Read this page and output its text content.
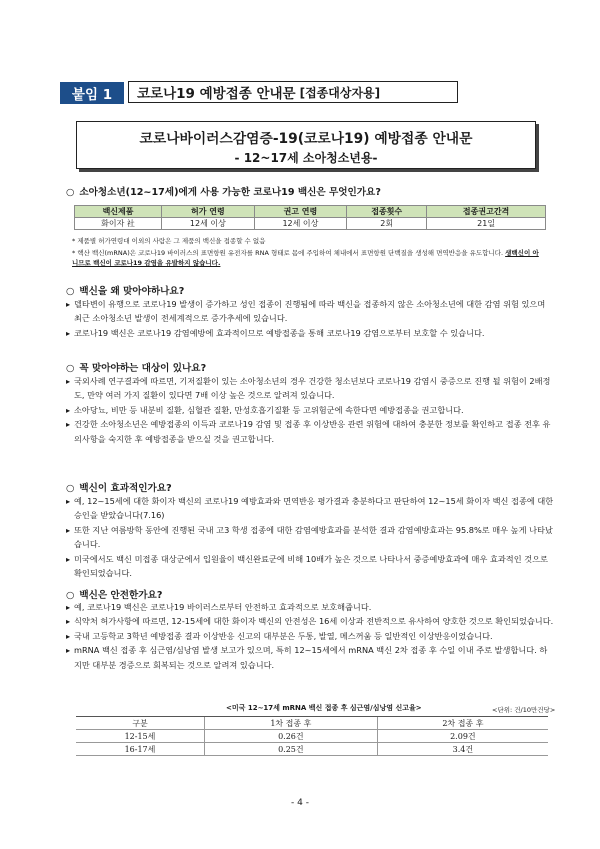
붙임 1	코로나19 예방접종 안내문 [접종대상자용]
코로나바이러스감염증-19(코로나19) 예방접종 안내문
- 12~17세 소아청소년용-
○ 소아청소년(12~17세)에게 사용 가능한 코로나19 백신은 무엇인가요?
백신제품	허가 연령	권고 연령	접종횟수	접종권고간격
화이자 社	12세 이상	12세 이상	2회	21일
* 제품별 허가연령대 이외의 사람은 그 제품의 백신을 접종할 수 없음
* 핵산 백신(mRNA)은 코로나19 바이러스의 표면항원 유전자를 RNA 형태로 몸에 주입하여 체내에서 표면항원 단백질을 생성해 면역반응을 유도합니다. 생백신이 아니므로 백신이 코로나19 감염을 유발하지 않습니다.
○ 백신을 왜 맞아야하나요?
▸ 델타변이 유행으로 코로나19 발생이 증가하고 성인 접종이 진행됨에 따라 백신을 접종하지 않은 소아청소년에 대한 감염 위험 있으며 최근 소아청소년 발생이 전세계적으로 증가추세에 있습니다.
▸ 코로나19 백신은 코로나19 감염예방에 효과적이므로 예방접종을 통해 코로나19 감염으로부터 보호할 수 있습니다.
○ 꼭 맞아야하는 대상이 있나요?
▸ 국외사례 연구결과에 따르면, 기저질환이 있는 소아청소년의 경우 건강한 청소년보다 코로나19 감염시 중증으로 진행 될 위험이 2배정도, 만약 여러 가지 질환이 있다면 7배 이상 높은 것으로 알려져 있습니다.
▸ 소아당뇨, 비만 등 내분비 질환, 심혈관 질환, 만성호흡기질환 등 고위험군에 속한다면 예방접종을 권고합니다.
▸ 건강한 소아청소년은 예방접종의 이득과 코로나19 감염 및 접종 후 이상반응 관련 위험에 대하여 충분한 정보를 확인하고 접종 전후 유의사항을 숙지한 후 예방접종을 받으실 것을 권고합니다.
○ 백신이 효과적인가요?
▸ 예, 12~15세에 대한 화이자 백신의 코로나19 예방효과와 면역반응 평가결과 충분하다고 판단하여 12~15세 화이자 백신 접종에 대한 승인을 받았습니다(7.16)
▸ 또한 지난 여름방학 동안에 진행된 국내 고3 학생 접종에 대한 감염예방효과를 분석한 결과 감염예방효과는 95.8%로 매우 높게 나타났습니다.
▸ 미국에서도 백신 미접종 대상군에서 입원율이 백신완료군에 비해 10배가 높은 것으로 나타나서 중증예방효과에 매우 효과적인 것으로 확인되었습니다.
○ 백신은 안전한가요?
▸ 예, 코로나19 백신은 코로나19 바이러스로부터 안전하고 효과적으로 보호해줍니다.
▸ 식약처 허가사항에 따르면, 12-15세에 대한 화이자 백신의 안전성은 16세 이상과 전반적으로 유사하여 양호한 것으로 확인되었습니다.
▸ 국내 고등학교 3학년 예방접종 결과 이상반응 신고의 대부분은 두통, 발열, 메스꺼움 등 일반적인 이상반응이었습니다.
▸ mRNA 백신 접종 후 심근염/심낭염 발생 보고가 있으며, 특히 12~15세에서 mRNA 백신 2차 접종 후 수일 이내 주로 발생합니다. 하지만 대부분 경증으로 회복되는 것으로 알려져 있습니다.
<미국 12~17세 mRNA 백신 접종 후 심근염/심낭염 신고율>	<단위: 건/10만건당>
구분	1차 접종 후	2차 접종 후
12-15세	0.26건	2.09건
16-17세	0.25건	3.4건
- 4 -
